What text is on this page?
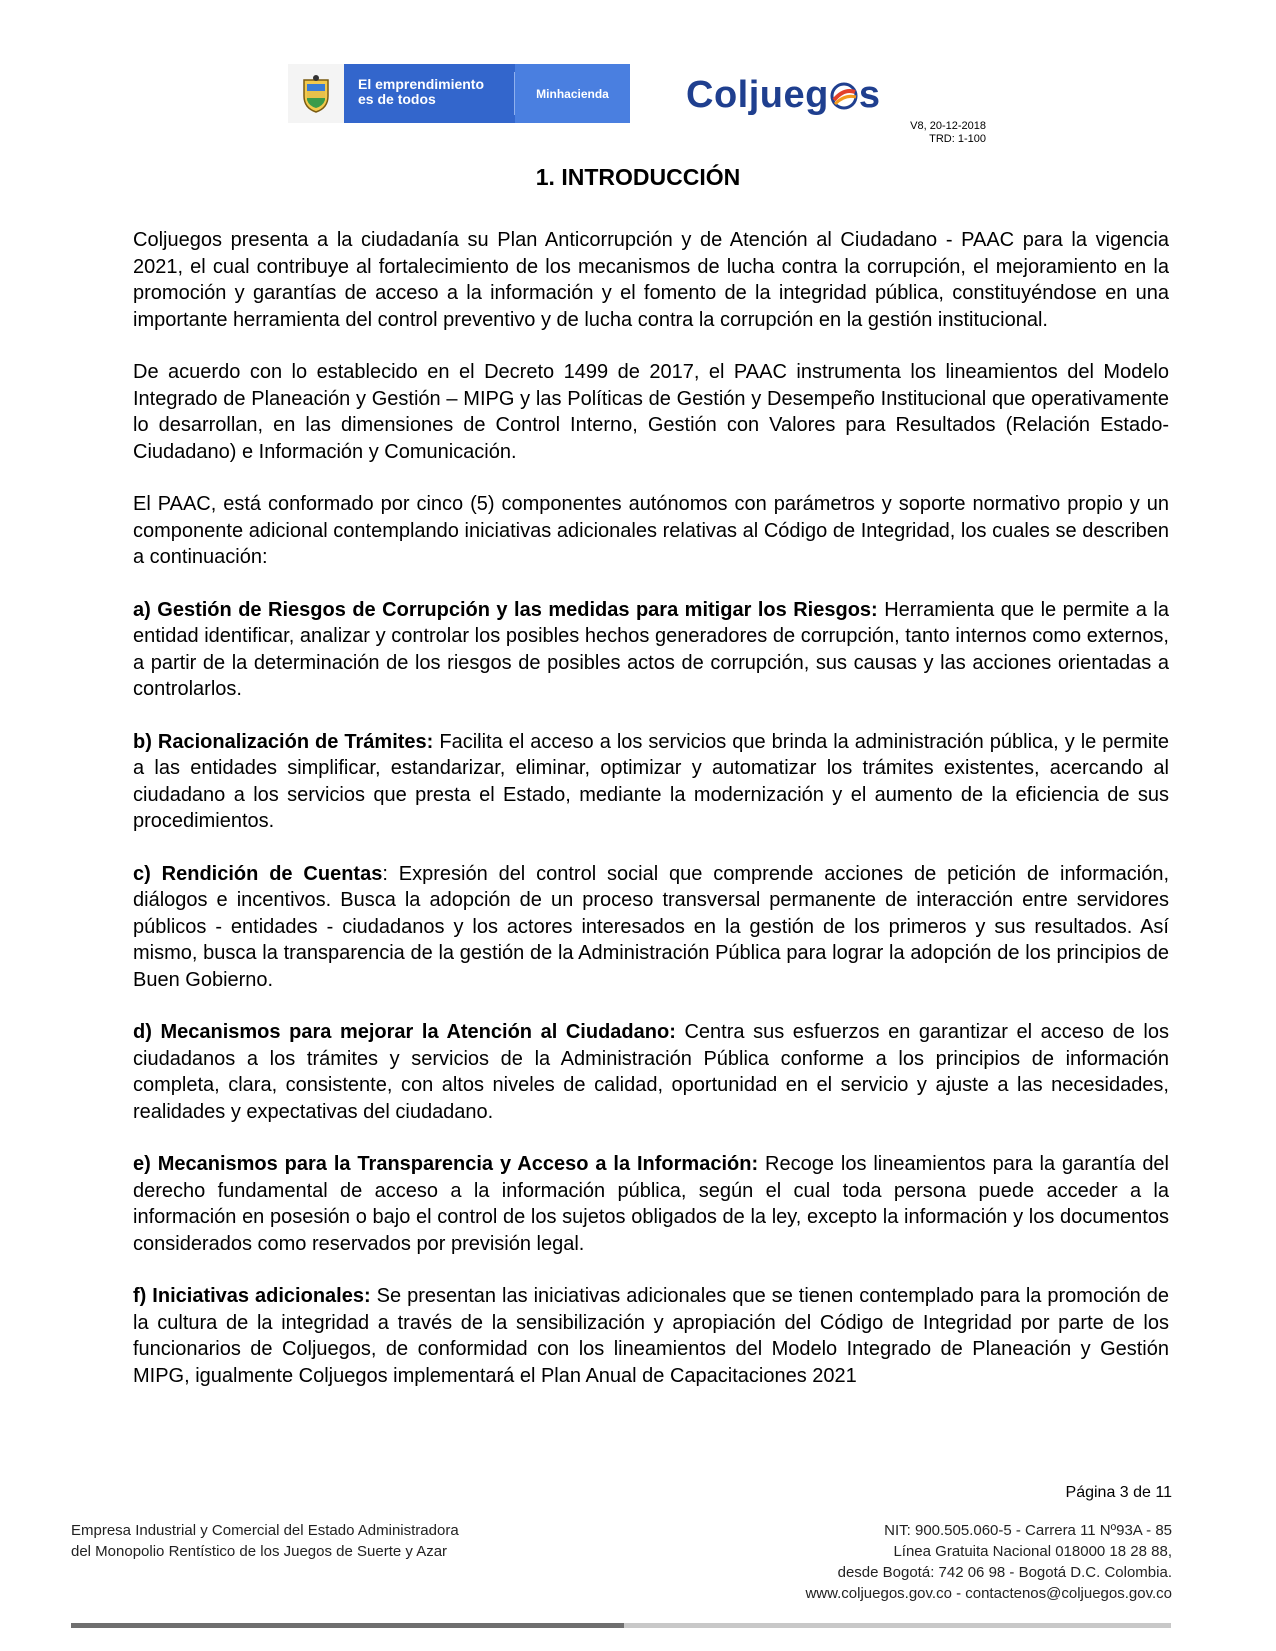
El emprendimiento
es de todos	Minhacienda	Coljueg s
V8, 20-12-2018
TRD: 1-100
1. INTRODUCCIÓN

Coljuegos presenta a la ciudadanía su Plan Anticorrupción y de Atención al Ciudadano - PAAC para la vigencia 2021, el cual contribuye al fortalecimiento de los mecanismos de lucha contra la corrupción, el mejoramiento en la promoción y garantías de acceso a la información y el fomento de la integridad pública, constituyéndose en una importante herramienta del control preventivo y de lucha contra la corrupción en la gestión institucional.

De acuerdo con lo establecido en el Decreto 1499 de 2017, el PAAC instrumenta los lineamientos del Modelo Integrado de Planeación y Gestión – MIPG y las Políticas de Gestión y Desempeño Institucional que operativamente lo desarrollan, en las dimensiones de Control Interno, Gestión con Valores para Resultados (Relación Estado-Ciudadano) e Información y Comunicación.

El PAAC, está conformado por cinco (5) componentes autónomos con parámetros y soporte normativo propio y un componente adicional contemplando iniciativas adicionales relativas al Código de Integridad, los cuales se describen a continuación:

a) Gestión de Riesgos de Corrupción y las medidas para mitigar los Riesgos: Herramienta que le permite a la entidad identificar, analizar y controlar los posibles hechos generadores de corrupción, tanto internos como externos, a partir de la determinación de los riesgos de posibles actos de corrupción, sus causas y las acciones orientadas a controlarlos.

b) Racionalización de Trámites: Facilita el acceso a los servicios que brinda la administración pública, y le permite a las entidades simplificar, estandarizar, eliminar, optimizar y automatizar los trámites existentes, acercando al ciudadano a los servicios que presta el Estado, mediante la modernización y el aumento de la eficiencia de sus procedimientos.

c) Rendición de Cuentas: Expresión del control social que comprende acciones de petición de información, diálogos e incentivos. Busca la adopción de un proceso transversal permanente de interacción entre servidores públicos - entidades - ciudadanos y los actores interesados en la gestión de los primeros y sus resultados. Así mismo, busca la transparencia de la gestión de la Administración Pública para lograr la adopción de los principios de Buen Gobierno.

d) Mecanismos para mejorar la Atención al Ciudadano: Centra sus esfuerzos en garantizar el acceso de los ciudadanos a los trámites y servicios de la Administración Pública conforme a los principios de información completa, clara, consistente, con altos niveles de calidad, oportunidad en el servicio y ajuste a las necesidades, realidades y expectativas del ciudadano.

e) Mecanismos para la Transparencia y Acceso a la Información: Recoge los lineamientos para la garantía del derecho fundamental de acceso a la información pública, según el cual toda persona puede acceder a la información en posesión o bajo el control de los sujetos obligados de la ley, excepto la información y los documentos considerados como reservados por previsión legal.

f) Iniciativas adicionales: Se presentan las iniciativas adicionales que se tienen contemplado para la promoción de la cultura de la integridad a través de la sensibilización y apropiación del Código de Integridad por parte de los funcionarios de Coljuegos, de conformidad con los lineamientos del Modelo Integrado de Planeación y Gestión MIPG, igualmente Coljuegos implementará el Plan Anual de Capacitaciones 2021

Página 3 de 11
Empresa Industrial y Comercial del Estado Administradora
del Monopolio Rentístico de los Juegos de Suerte y Azar
NIT: 900.505.060-5 - Carrera 11 Nº93A - 85
Línea Gratuita Nacional 018000 18 28 88,
desde Bogotá: 742 06 98 - Bogotá D.C. Colombia.
www.coljuegos.gov.co - contactenos@coljuegos.gov.co
